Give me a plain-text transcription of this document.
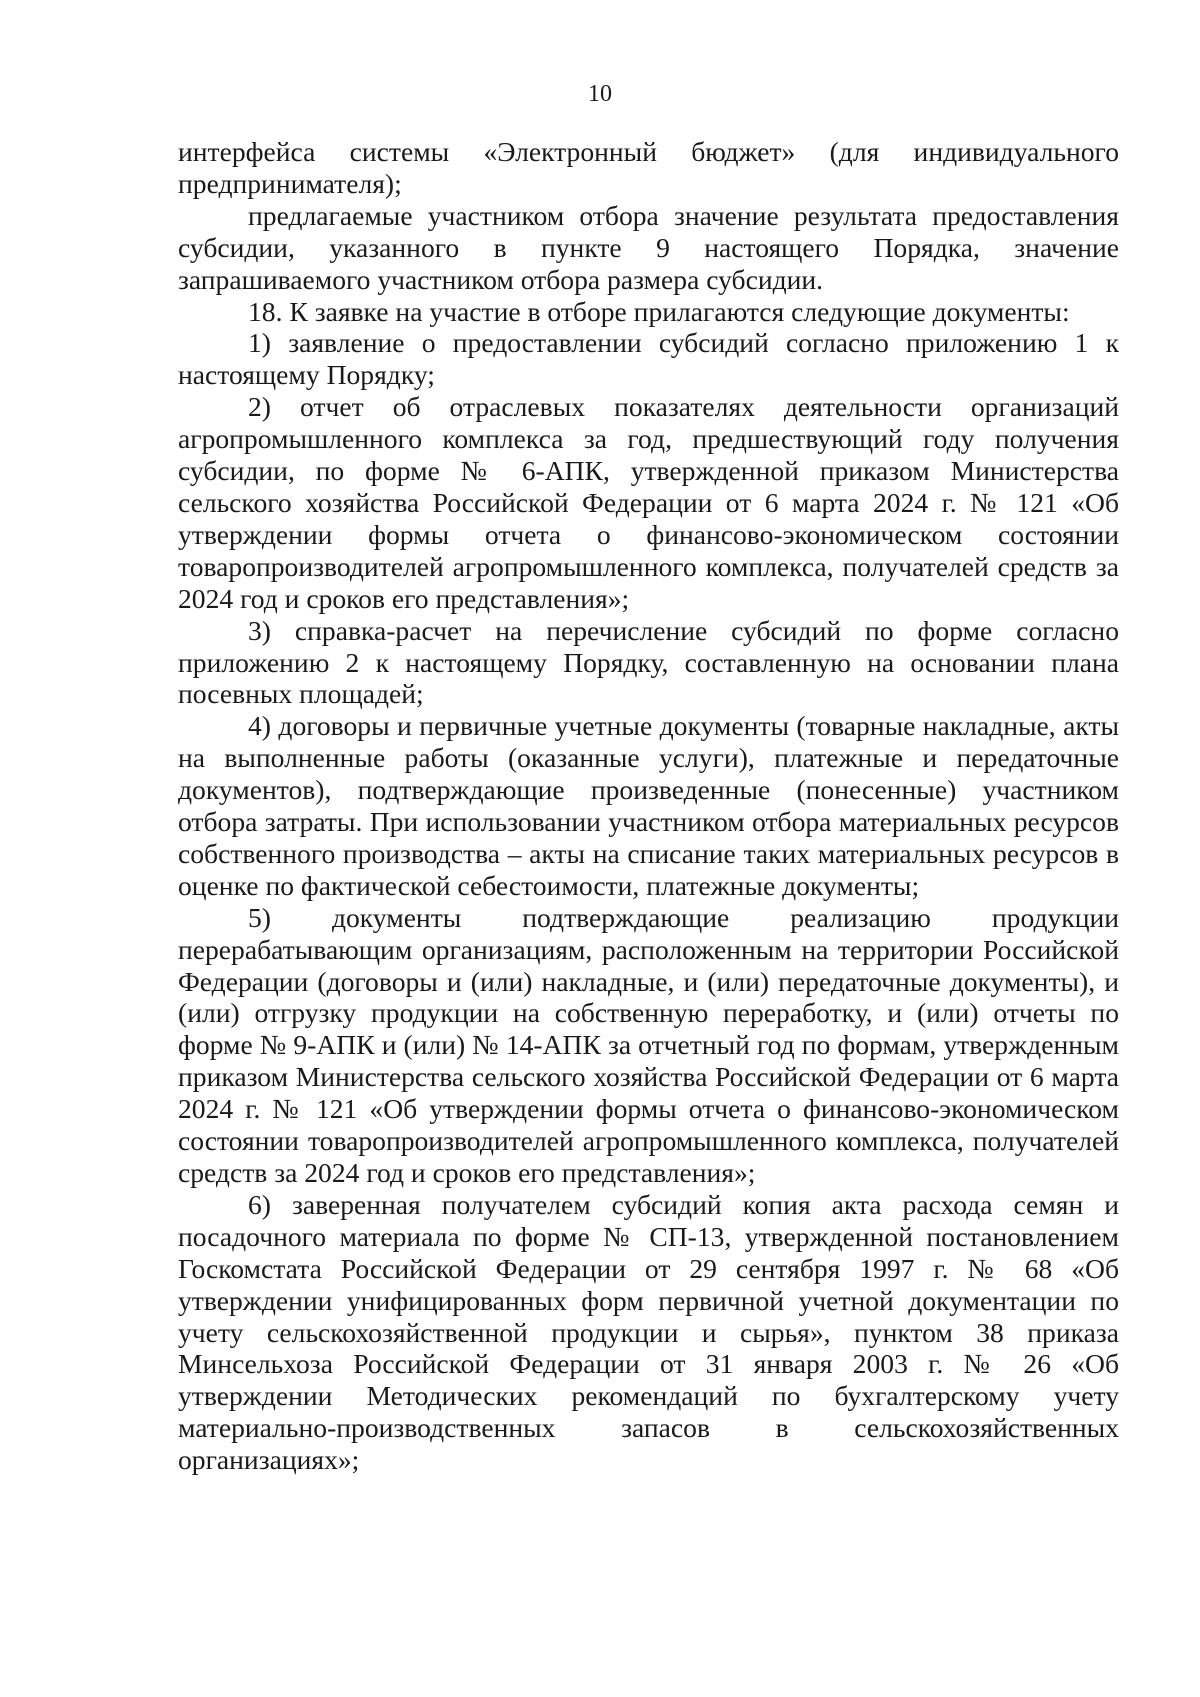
10

интерфейса системы «Электронный бюджет» (для индивидуального предпринимателя);

предлагаемые участником отбора значение результата предоставления субсидии, указанного в пункте 9 настоящего Порядка, значение запрашиваемого участником отбора размера субсидии.

18. К заявке на участие в отборе прилагаются следующие документы:

1) заявление о предоставлении субсидий согласно приложению 1 к настоящему Порядку;

2) отчет об отраслевых показателях деятельности организаций агропромышленного комплекса за год, предшествующий году получения субсидии, по форме № 6-АПК, утвержденной приказом Министерства сельского хозяйства Российской Федерации от 6 марта 2024 г. № 121 «Об утверждении формы отчета о финансово-экономическом состоянии товаропроизводителей агропромышленного комплекса, получателей средств за 2024 год и сроков его представления»;

3) справка-расчет на перечисление субсидий по форме согласно приложению 2 к настоящему Порядку, составленную на основании плана посевных площадей;

4) договоры и первичные учетные документы (товарные накладные, акты на выполненные работы (оказанные услуги), платежные и передаточные документов), подтверждающие произведенные (понесенные) участником отбора затраты. При использовании участником отбора материальных ресурсов собственного производства – акты на списание таких материальных ресурсов в оценке по фактической себестоимости, платежные документы;

5) документы подтверждающие реализацию продукции перерабатывающим организациям, расположенным на территории Российской Федерации (договоры и (или) накладные, и (или) передаточные документы), и (или) отгрузку продукции на собственную переработку, и (или) отчеты по форме № 9-АПК и (или) № 14-АПК за отчетный год по формам, утвержденным приказом Министерства сельского хозяйства Российской Федерации от 6 марта 2024 г. № 121 «Об утверждении формы отчета о финансово-экономическом состоянии товаропроизводителей агропромышленного комплекса, получателей средств за 2024 год и сроков его представления»;

6) заверенная получателем субсидий копия акта расхода семян и посадочного материала по форме № СП-13, утвержденной постановлением Госкомстата Российской Федерации от 29 сентября 1997 г. № 68 «Об утверждении унифицированных форм первичной учетной документации по учету сельскохозяйственной продукции и сырья», пунктом 38 приказа Минсельхоза Российской Федерации от 31 января 2003 г. № 26 «Об утверждении Методических рекомендаций по бухгалтерскому учету материально-производственных запасов в сельскохозяйственных организациях»;
